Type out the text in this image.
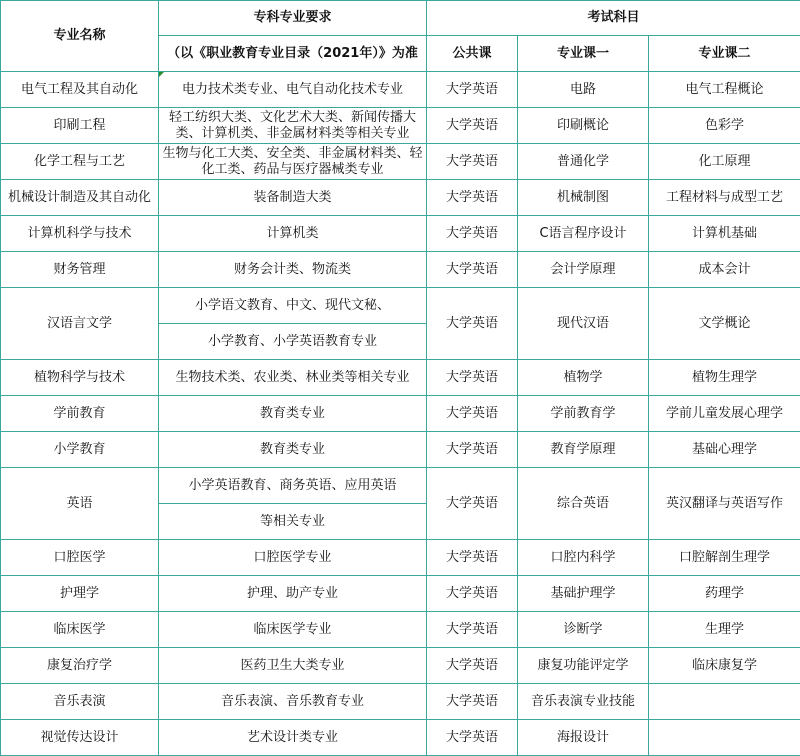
专业名称	专科专业要求	考试科目		
	（以《职业教育专业目录（2021年）》为准	公共课	专业课一	专业课二
电气工程及其自动化	电力技术类专业、电气自动化技术专业	大学英语	电路	电气工程概论
印刷工程	轻工纺织大类、文化艺术大类、新闻传播大类、计算机类、非金属材料类等相关专业	大学英语	印刷概论	色彩学
化学工程与工艺	生物与化工大类、安全类、非金属材料类、轻化工类、药品与医疗器械类专业	大学英语	普通化学	化工原理
机械设计制造及其自动化	装备制造大类	大学英语	机械制图	工程材料与成型工艺
计算机科学与技术	计算机类	大学英语	C语言程序设计	计算机基础
财务管理	财务会计类、物流类	大学英语	会计学原理	成本会计
汉语言文学	小学语文教育、中文、现代文秘、	大学英语	现代汉语	文学概论
	小学教育、小学英语教育专业			
植物科学与技术	生物技术类、农业类、林业类等相关专业	大学英语	植物学	植物生理学
学前教育	教育类专业	大学英语	学前教育学	学前儿童发展心理学
小学教育	教育类专业	大学英语	教育学原理	基础心理学
英语	小学英语教育、商务英语、应用英语	大学英语	综合英语	英汉翻译与英语写作
	等相关专业			
口腔医学	口腔医学专业	大学英语	口腔内科学	口腔解剖生理学
护理学	护理、助产专业	大学英语	基础护理学	药理学
临床医学	临床医学专业	大学英语	诊断学	生理学
康复治疗学	医药卫生大类专业	大学英语	康复功能评定学	临床康复学
音乐表演	音乐表演、音乐教育专业	大学英语	音乐表演专业技能	
视觉传达设计	艺术设计类专业	大学英语	海报设计	
